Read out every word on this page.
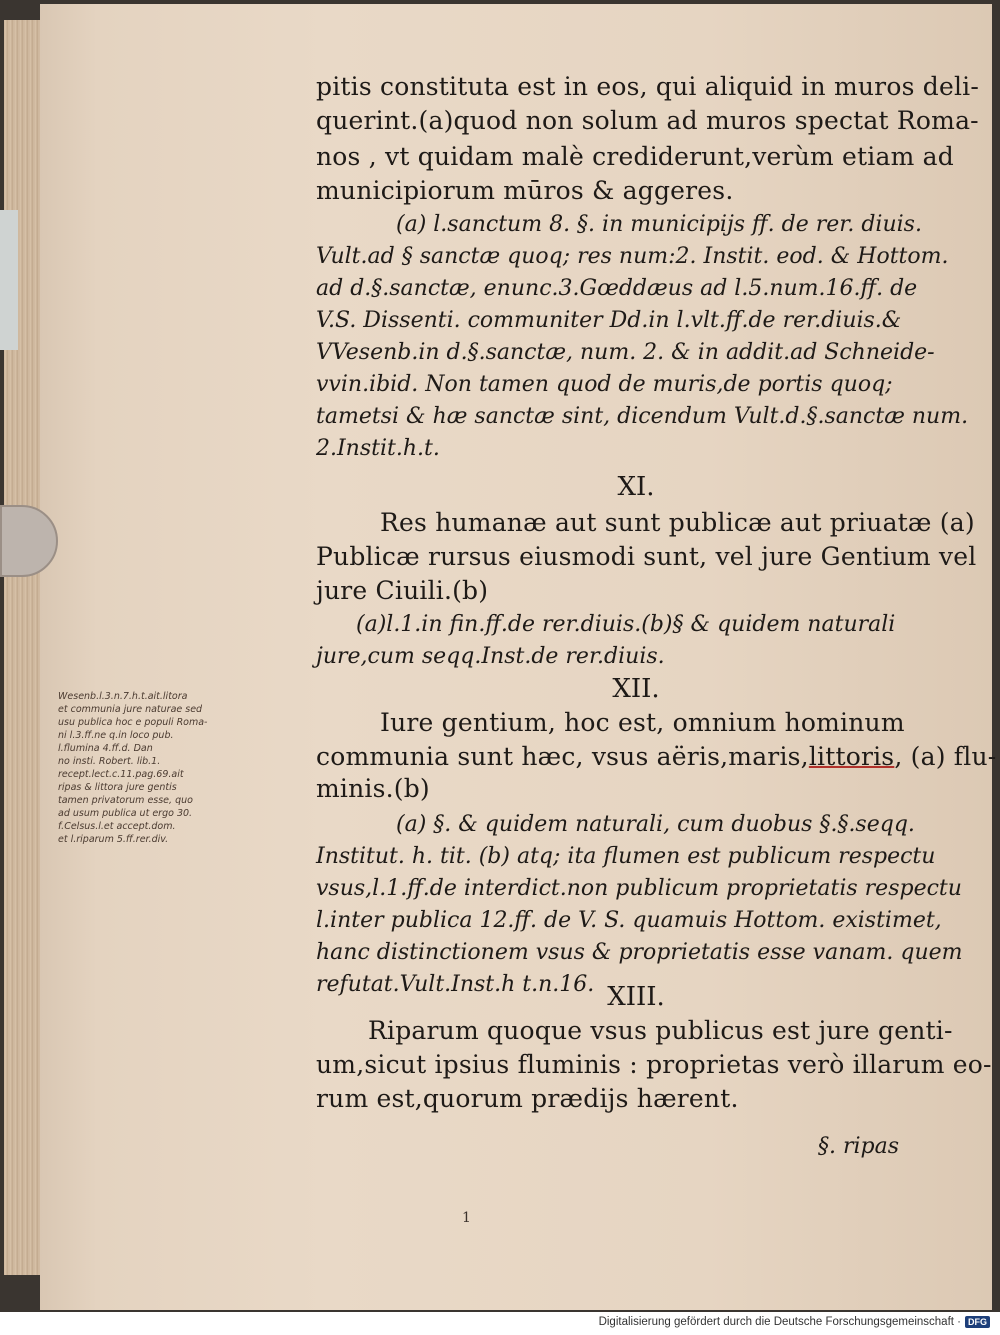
pitis constituta est in eos, qui aliquid in muros deli-
querint.(a)quod non solum ad muros spectat Roma-
nos , vt quidam malè crediderunt,verùm etiam ad
municipiorum mūros & aggeres.
(a) l.sanctum 8. §. in municipijs ff. de rer. diuis.
Vult.ad § sanctæ quoq; res num:2. Instit. eod. & Hottom.
ad d.§.sanctæ, enunc.3.Gœddæus ad l.5.num.16.ff. de
V.S. Dissenti. communiter Dd.in l.vlt.ff.de rer.diuis.&
VVesenb.in d.§.sanctæ, num. 2. & in addit.ad Schneide-
vvin.ibid. Non tamen quod de muris,de portis quoq;
tametsi & hæ sanctæ sint, dicendum Vult.d.§.sanctæ num.
2.Instit.h.t.
XI.
Res humanæ aut sunt publicæ aut priuatæ (a)
Publicæ rursus eiusmodi sunt, vel jure Gentium vel
jure Ciuili.(b)
(a)l.1.in fin.ff.de rer.diuis.(b)§ & quidem naturali
jure,cum seqq.Inst.de rer.diuis.
XII.
Iure gentium, hoc est, omnium hominum
communia sunt hæc, vsus aëris,maris,littoris, (a) flu-
minis.(b)
(a) §. & quidem naturali, cum duobus §.§.seqq.
Institut. h. tit. (b) atq; ita flumen est publicum respectu
vsus,l.1.ff.de interdict.non publicum proprietatis respectu
l.inter publica 12.ff. de V. S. quamuis Hottom. existimet,
hanc distinctionem vsus & proprietatis esse vanam. quem
refutat.Vult.Inst.h t.n.16. XIII.
Riparum quoque vsus publicus est jure genti-
um,sicut ipsius fluminis : proprietas verò illarum eo-
rum est,quorum prædijs hærent.
§. ripas
Wesenb.l.3.n.7.h.t.ait.litora
et communia jure naturae sed
usu publica hoc e populi Roma-
ni l.3.ff.ne q.in loco pub.
l.flumina 4.ff.d. Dan
no insti. Robert. lib.1.
recept.lect.c.11.pag.69.ait
ripas & littora jure gentis
tamen privatorum esse, quo
ad usum publica ut ergo 30.
f.Celsus.l.et accept.dom.
et l.riparum 5.ff.rer.div.
1
Digitalisierung gefördert durch die Deutsche Forschungsgemeinschaft · DFG
